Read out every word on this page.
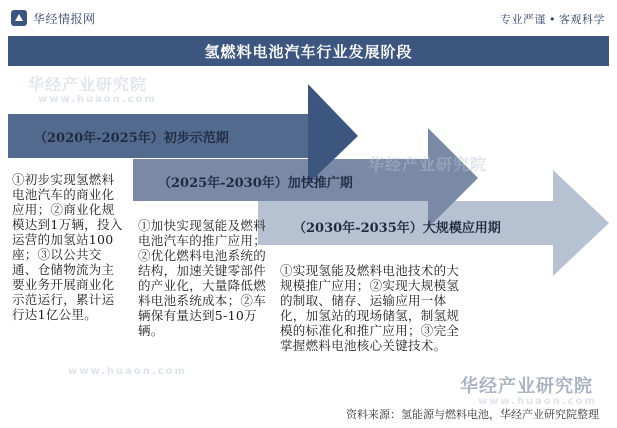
华经情报网	专业严谨 • 客观科学
氢燃料电池汽车行业发展阶段
（2020年-2025年）初步示范期
（2025年-2030年）加快推广期
（2030年-2035年）大规模应用期
①初步实现氢燃料电池汽车的商业化应用；②商业化规模达到1万辆，投入运营的加氢站100座；③以公共交通、仓储物流为主要业务开展商业化示范运行，累计运行达1亿公里。
①加快实现氢能及燃料电池汽车的推广应用；②优化燃料电池系统的结构，加速关键零部件的产业化，大量降低燃料电池系统成本；②车辆保有量达到5-10万辆。
①实现氢能及燃料电池技术的大规模推广应用；②实现大规模氢的制取、储存、运输应用一体化，加氢站的现场储氢，制氢规模的标准化和推广应用；③完全掌握燃料电池核心关键技术。
华经产业研究院
www.huaon.com
华经产业研究院
www.huaon.com
www.huaon.com
华经产业研究院
资料来源：氢能源与燃料电池，华经产业研究院整理
